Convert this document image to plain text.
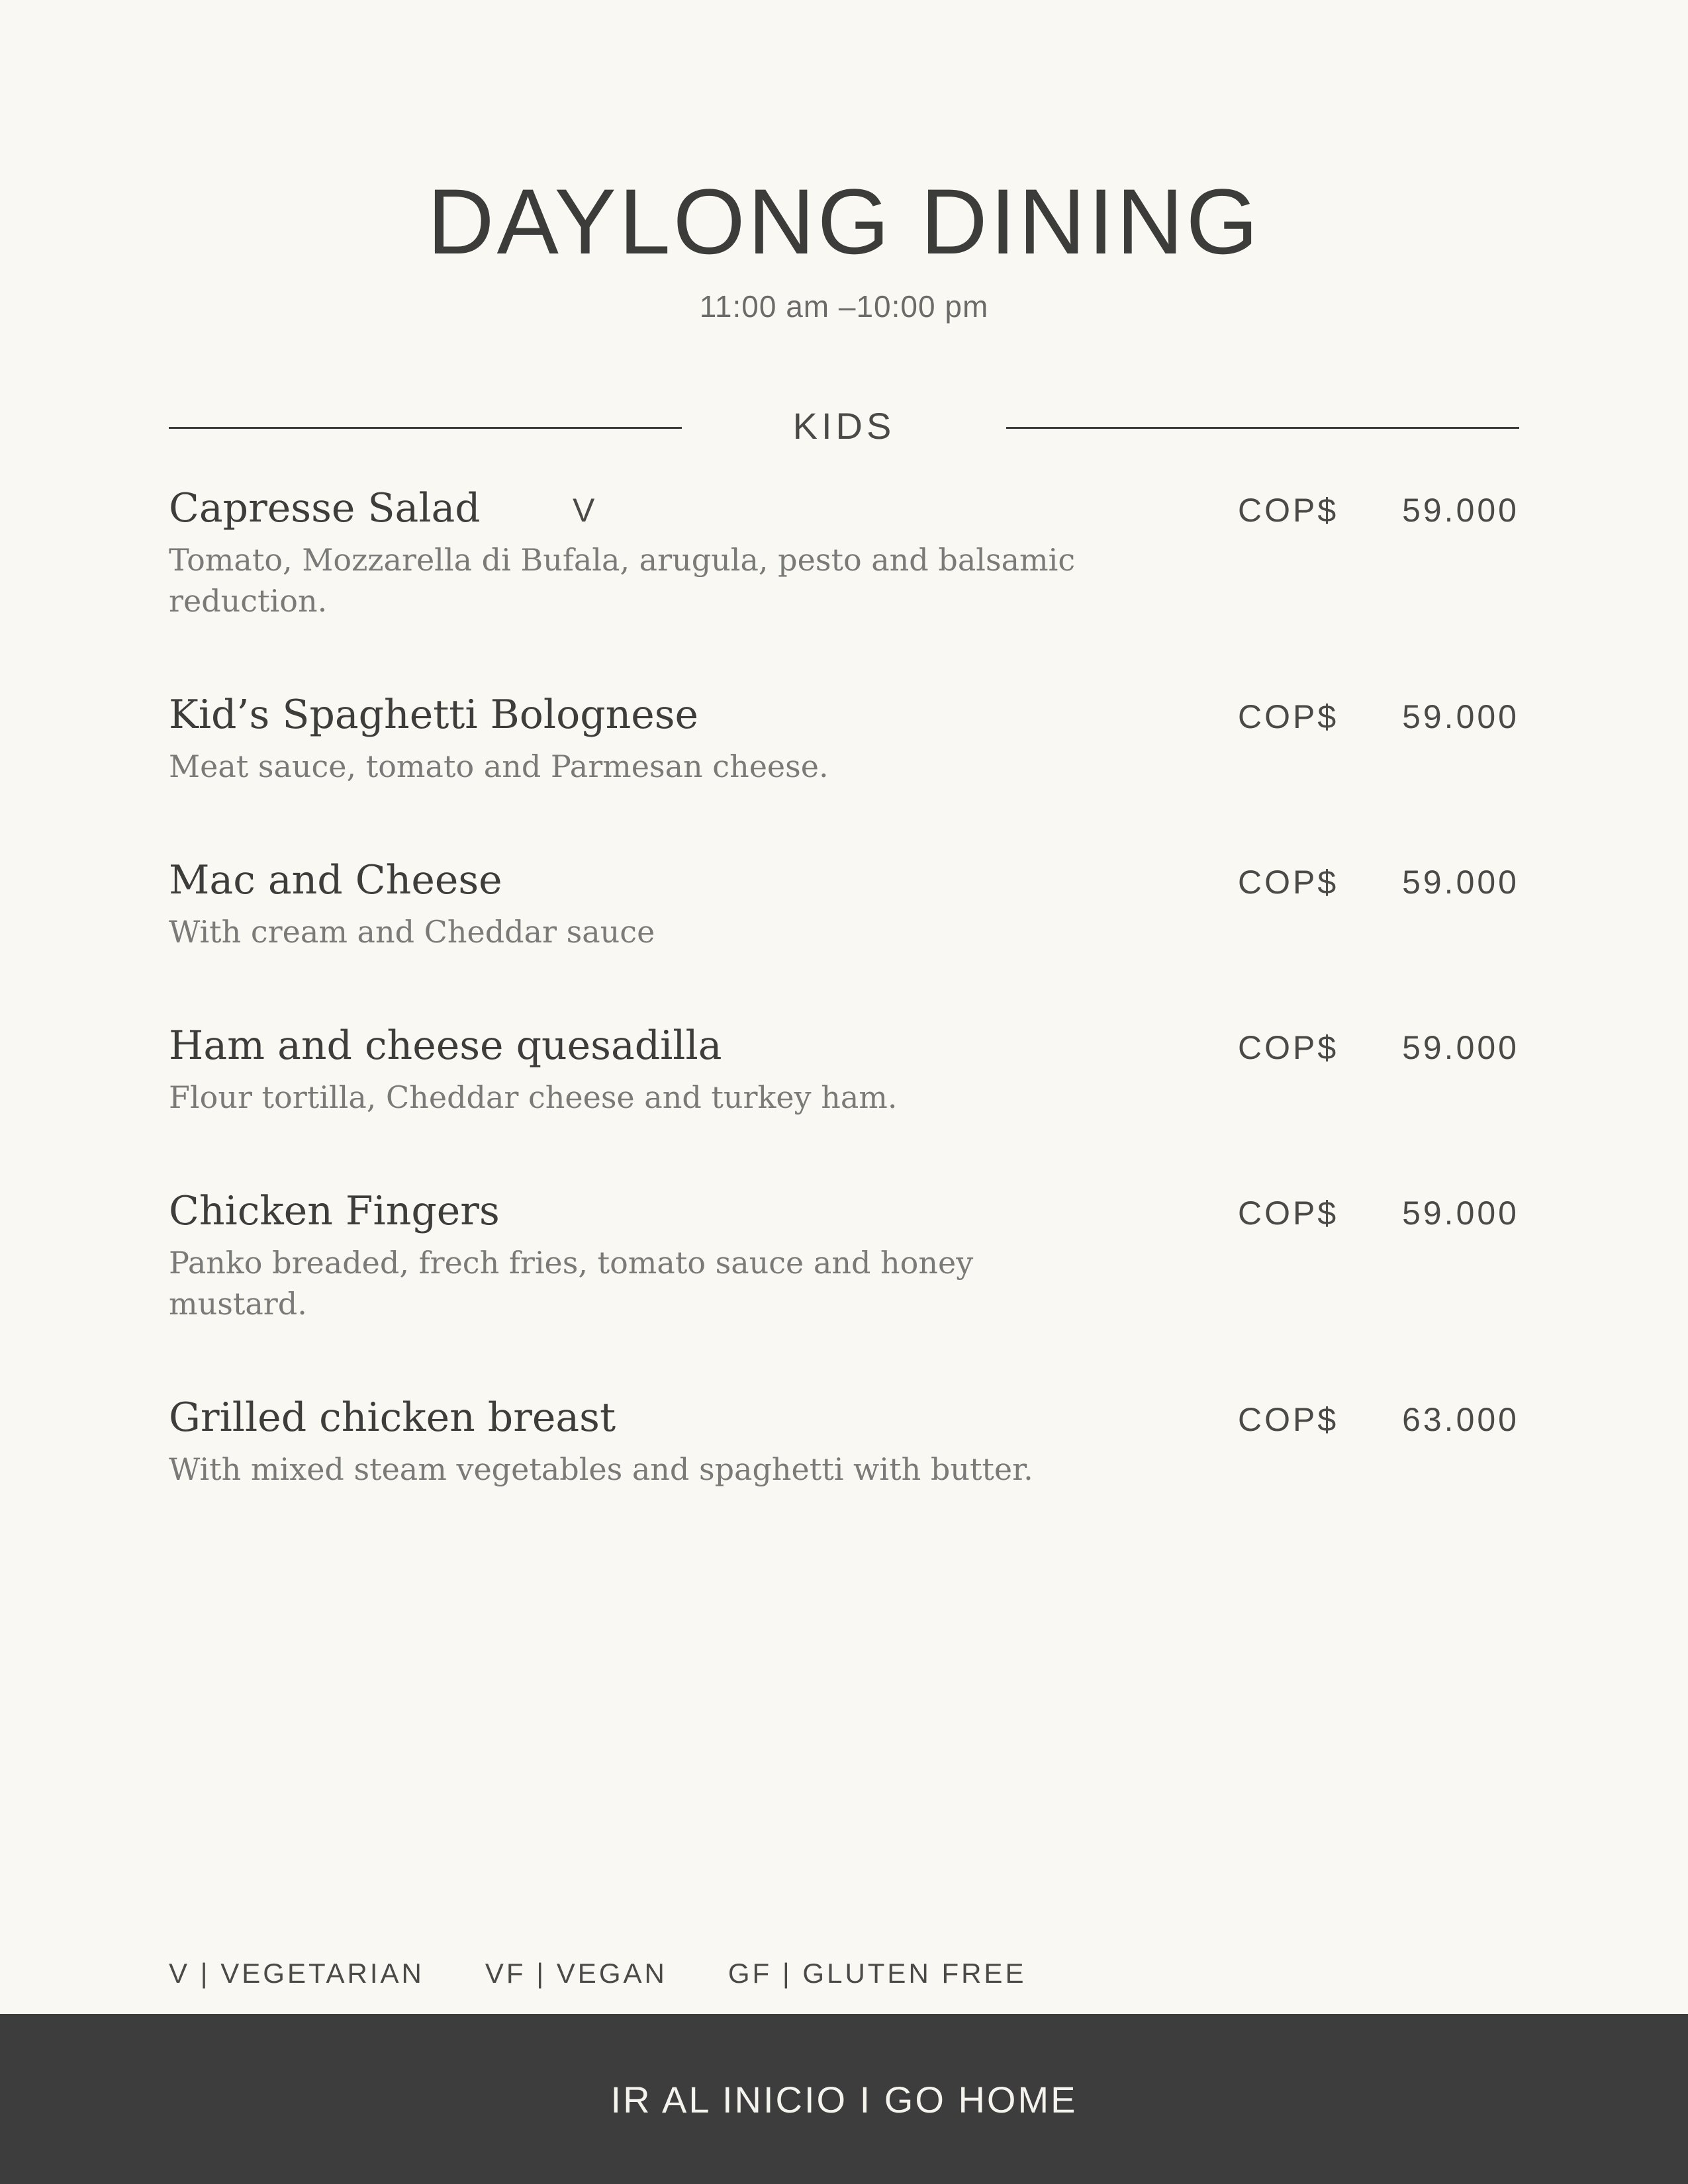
DAYLONG DINING
11:00 am –10:00 pm
KIDS
Capresse Salad	V	COP$ 59.000
Tomato, Mozzarella di Bufala, arugula, pesto and balsamic reduction.
Kid’s Spaghetti Bolognese	COP$ 59.000
Meat sauce, tomato and Parmesan cheese.
Mac and Cheese	COP$ 59.000
With cream and Cheddar sauce
Ham and cheese quesadilla	COP$ 59.000
Flour tortilla, Cheddar cheese and turkey ham.
Chicken Fingers	COP$ 59.000
Panko breaded, frech fries, tomato sauce and honey mustard.
Grilled chicken breast	COP$ 63.000
With mixed steam vegetables and spaghetti with butter.
V | VEGETARIAN VF | VEGAN GF | GLUTEN FREE
IR AL INICIO I GO HOME
